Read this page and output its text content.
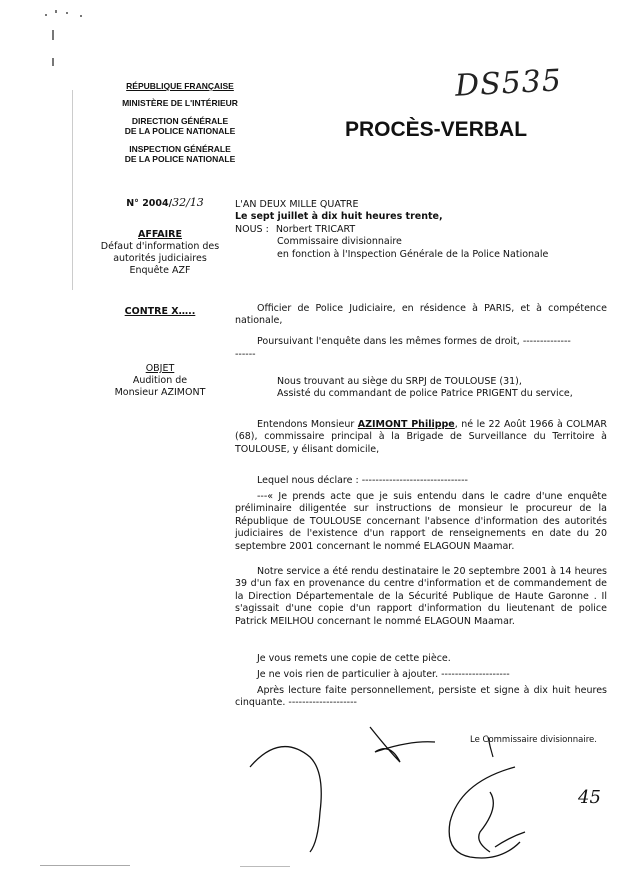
RÉPUBLIQUE FRANÇAISE
MINISTÈRE DE L'INTÉRIEUR
DIRECTION GÉNÉRALE
DE LA POLICE NATIONALE
INSPECTION GÉNÉRALE
DE LA POLICE NATIONALE
DS535
PROCÈS-VERBAL
N° 2004/32/13
AFFAIRE
Défaut d'information des
autorités judiciaires
Enquête AZF
CONTRE X…..
OBJET
Audition de
Monsieur AZIMONT
L'AN DEUX MILLE QUATRE
Le sept juillet à dix huit heures trente,
NOUS : Norbert TRICART
Commissaire divisionnaire
en fonction à l'Inspection Générale de la Police Nationale
Officier de Police Judiciaire, en résidence à PARIS, et à compétence nationale,
Poursuivant l'enquête dans les mêmes formes de droit, --------------
------
Nous trouvant au siège du SRPJ de TOULOUSE (31),
Assisté du commandant de police Patrice PRIGENT du service,
Entendons Monsieur AZIMONT Philippe, né le 22 Août 1966 à COLMAR (68), commissaire principal à la Brigade de Surveillance du Territoire à TOULOUSE, y élisant domicile,
Lequel nous déclare : -------------------------------
---« Je prends acte que je suis entendu dans le cadre d'une enquête préliminaire diligentée sur instructions de monsieur le procureur de la République de TOULOUSE concernant l'absence d'information des autorités judiciaires de l'existence d'un rapport de renseignements en date du 20 septembre 2001 concernant le nommé ELAGOUN Maamar.
Notre service a été rendu destinataire le 20 septembre 2001 à 14 heures 39 d'un fax en provenance du centre d'information et de commandement de la Direction Départementale de la Sécurité Publique de Haute Garonne . Il s'agissait d'une copie d'un rapport d'information du lieutenant de police Patrick MEILHOU concernant le nommé ELAGOUN Maamar.
Je vous remets une copie de cette pièce.
Je ne vois rien de particulier à ajouter. --------------------
Après lecture faite personnellement, persiste et signe à dix huit heures cinquante. --------------------
Le Commissaire divisionnaire.
45
